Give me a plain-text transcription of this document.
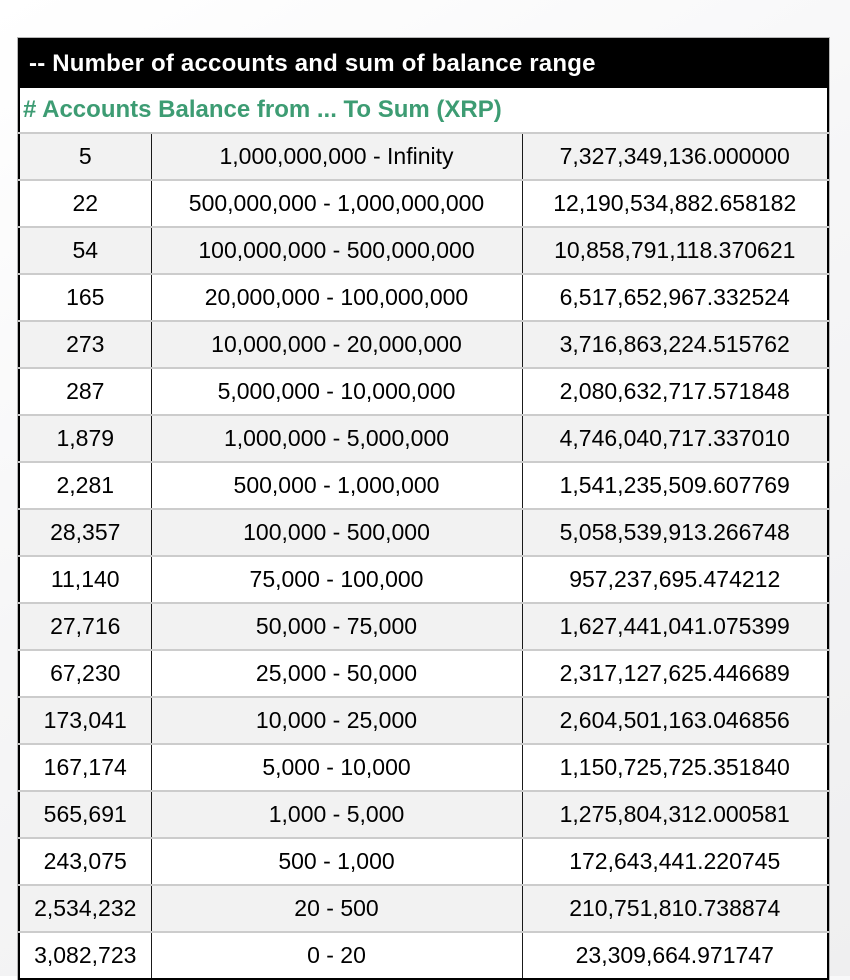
-- Number of accounts and sum of balance range		
# Accounts Balance from ... To Sum (XRP)		
5	1,000,000,000 - Infinity	7,327,349,136.000000
22	500,000,000 - 1,000,000,000	12,190,534,882.658182
54	100,000,000 - 500,000,000	10,858,791,118.370621
165	20,000,000 - 100,000,000	6,517,652,967.332524
273	10,000,000 - 20,000,000	3,716,863,224.515762
287	5,000,000 - 10,000,000	2,080,632,717.571848
1,879	1,000,000 - 5,000,000	4,746,040,717.337010
2,281	500,000 - 1,000,000	1,541,235,509.607769
28,357	100,000 - 500,000	5,058,539,913.266748
11,140	75,000 - 100,000	957,237,695.474212
27,716	50,000 - 75,000	1,627,441,041.075399
67,230	25,000 - 50,000	2,317,127,625.446689
173,041	10,000 - 25,000	2,604,501,163.046856
167,174	5,000 - 10,000	1,150,725,725.351840
565,691	1,000 - 5,000	1,275,804,312.000581
243,075	500 - 1,000	172,643,441.220745
2,534,232	20 - 500	210,751,810.738874
3,082,723	0 - 20	23,309,664.971747
